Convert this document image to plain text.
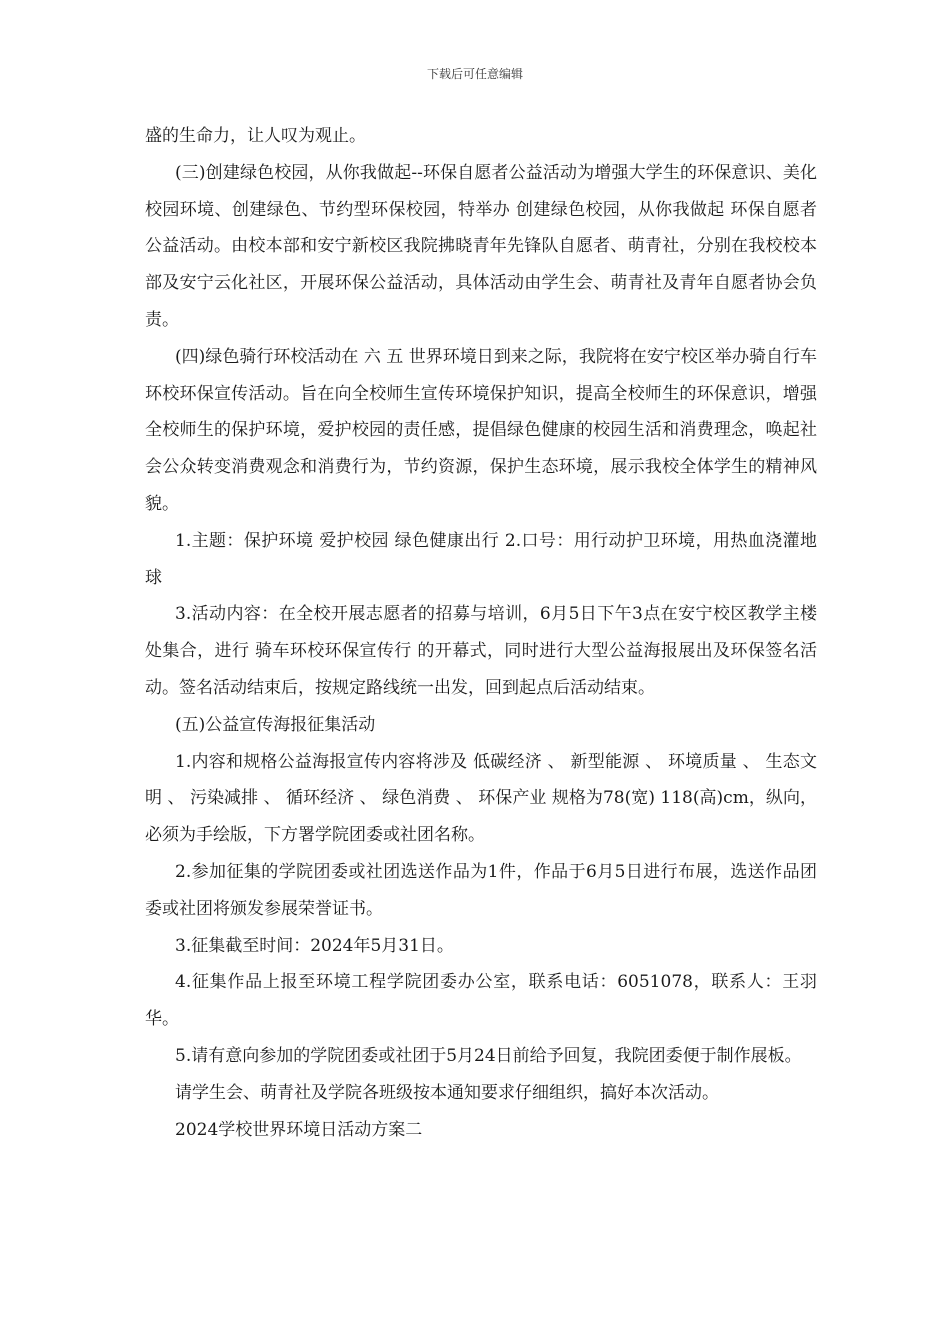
下载后可任意编辑

盛的生命力，让人叹为观止。

(三)创建绿色校园，从你我做起--环保自愿者公益活动为增强大学生的环保意识、美化校园环境、创建绿色、节约型环保校园，特举办 创建绿色校园，从你我做起 环保自愿者公益活动。由校本部和安宁新校区我院拂晓青年先锋队自愿者、萌青社，分别在我校校本部及安宁云化社区，开展环保公益活动，具体活动由学生会、萌青社及青年自愿者协会负责。

(四)绿色骑行环校活动在 六 五 世界环境日到来之际，我院将在安宁校区举办骑自行车环校环保宣传活动。旨在向全校师生宣传环境保护知识，提高全校师生的环保意识，增强全校师生的保护环境，爱护校园的责任感，提倡绿色健康的校园生活和消费理念，唤起社会公众转变消费观念和消费行为，节约资源，保护生态环境，展示我校全体学生的精神风貌。

1.主题：保护环境 爱护校园 绿色健康出行 2.口号：用行动护卫环境，用热血浇灌地球

3.活动内容：在全校开展志愿者的招募与培训，6月5日下午3点在安宁校区教学主楼处集合，进行 骑车环校环保宣传行 的开幕式，同时进行大型公益海报展出及环保签名活动。签名活动结束后，按规定路线统一出发，回到起点后活动结束。

(五)公益宣传海报征集活动

1.内容和规格公益海报宣传内容将涉及 低碳经济 、 新型能源 、 环境质量 、 生态文明 、 污染减排 、 循环经济 、 绿色消费 、 环保产业 规格为78(宽) 118(高)cm，纵向，必须为手绘版，下方署学院团委或社团名称。

2.参加征集的学院团委或社团选送作品为1件，作品于6月5日进行布展，选送作品团委或社团将颁发参展荣誉证书。

3.征集截至时间：2024年5月31日。

4.征集作品上报至环境工程学院团委办公室，联系电话：6051078，联系人：王羽华。

5.请有意向参加的学院团委或社团于5月24日前给予回复，我院团委便于制作展板。

请学生会、萌青社及学院各班级按本通知要求仔细组织，搞好本次活动。

2024学校世界环境日活动方案二
